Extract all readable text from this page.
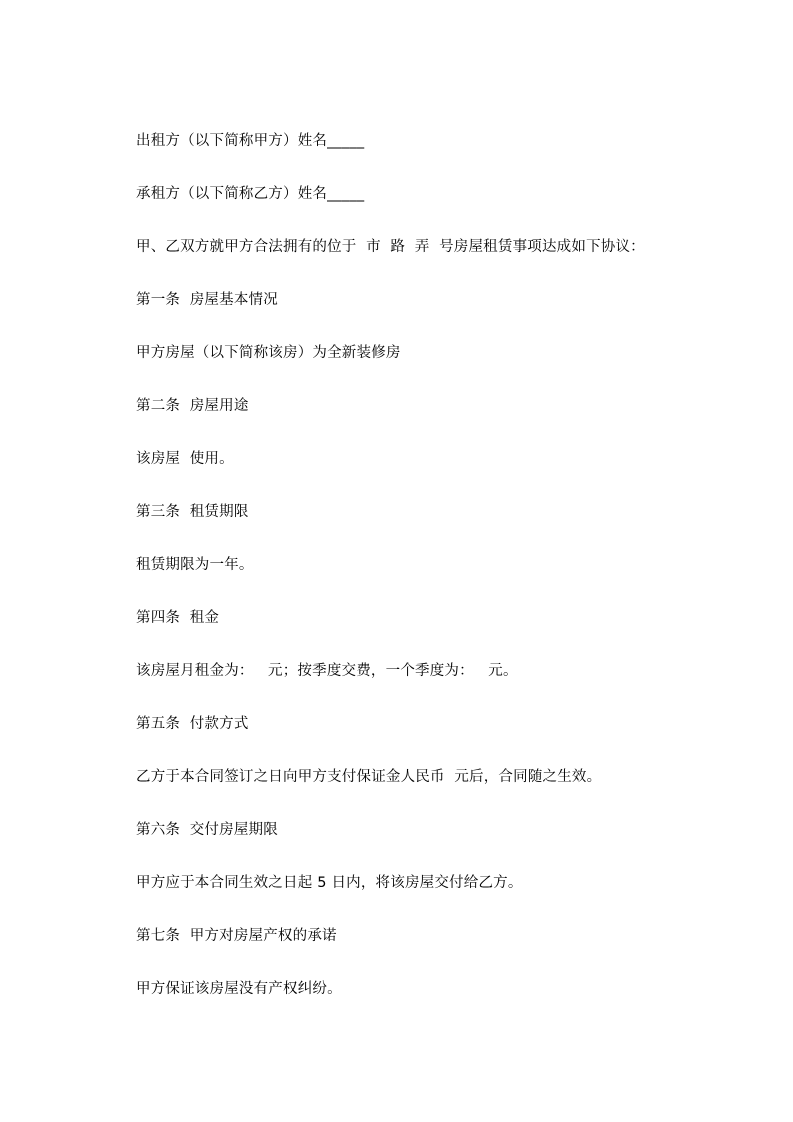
出租方（以下简称甲方）姓名_____
承租方（以下简称乙方）姓名_____
甲、乙双方就甲方合法拥有的位于  市  路  弄  号房屋租赁事项达成如下协议：
第一条  房屋基本情况
甲方房屋（以下简称该房）为全新装修房
第二条  房屋用途
该房屋  使用。
第三条  租赁期限
租赁期限为一年。
第四条  租金
该房屋月租金为：   元；按季度交费，一个季度为：   元。
第五条  付款方式
乙方于本合同签订之日向甲方支付保证金人民币  元后，合同随之生效。
第六条  交付房屋期限
甲方应于本合同生效之日起 5 日内，将该房屋交付给乙方。
第七条  甲方对房屋产权的承诺
甲方保证该房屋没有产权纠纷。
